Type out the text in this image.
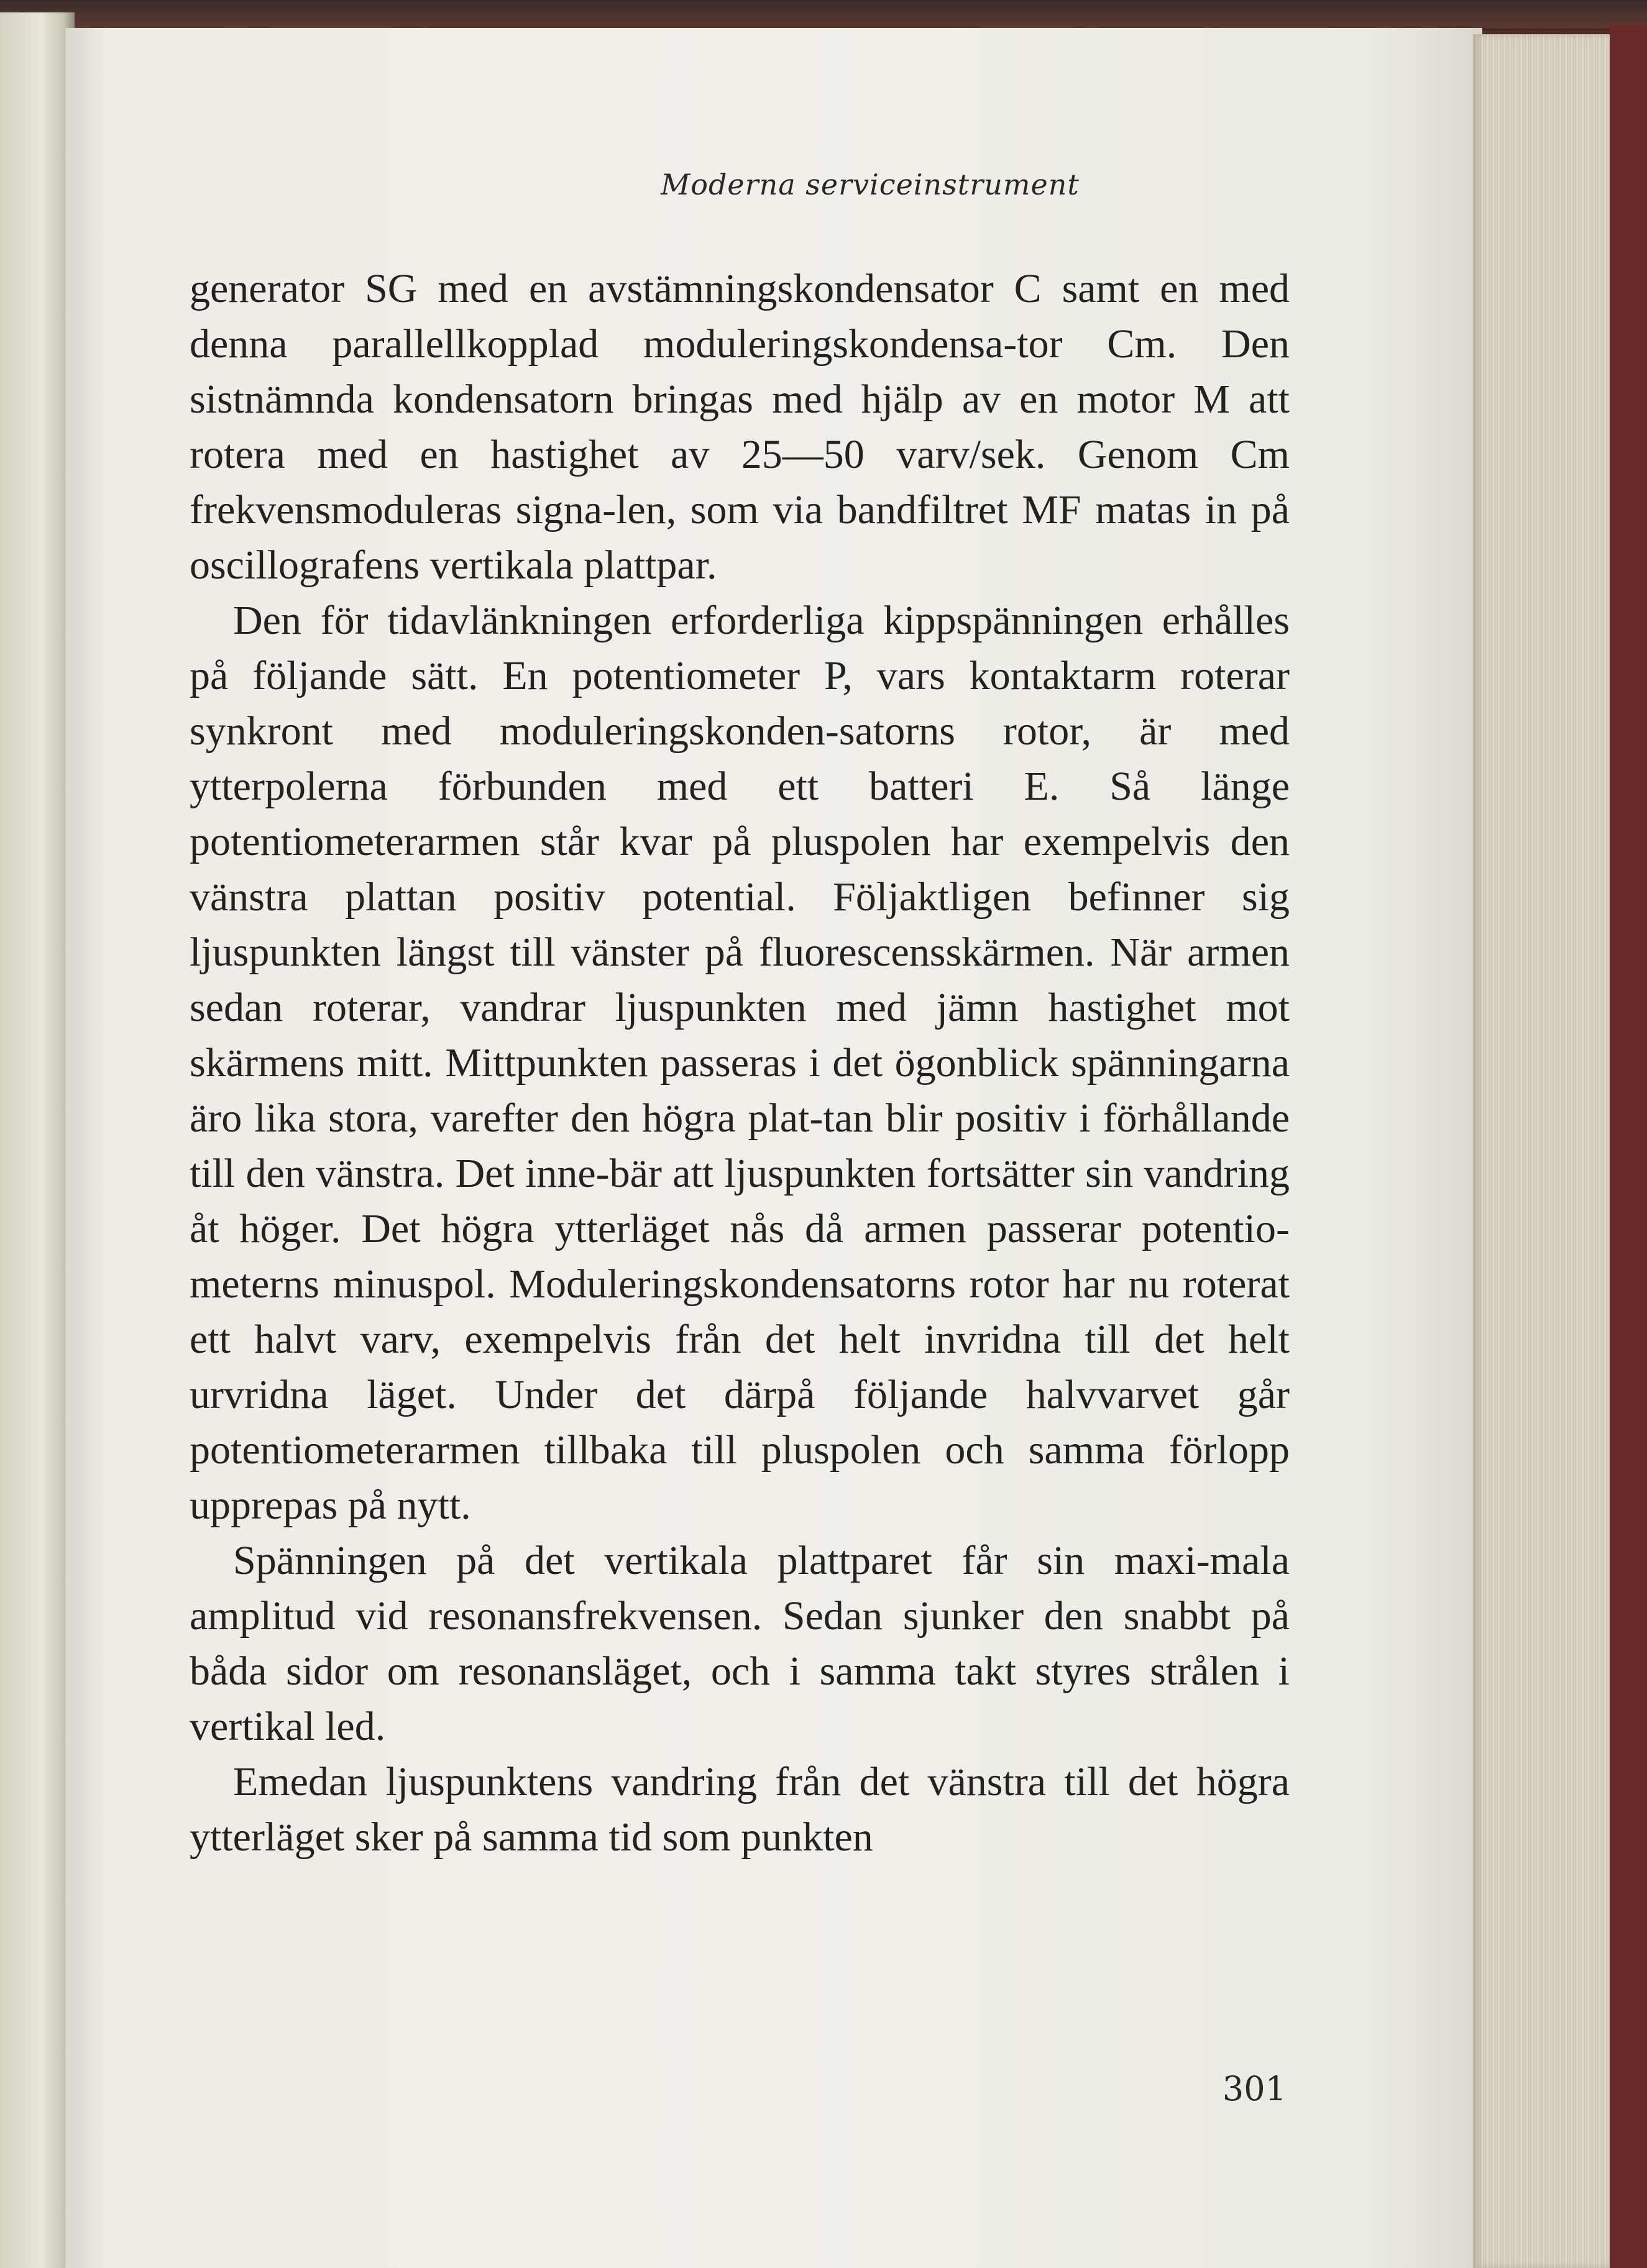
Moderna serviceinstrument

generator SG med en avstämningskondensator C samt en med denna parallellkopplad moduleringskondensa-tor Cm. Den sistnämnda kondensatorn bringas med hjälp av en motor M att rotera med en hastighet av 25—50 varv/sek. Genom Cm frekvensmoduleras signa-len, som via bandfiltret MF matas in på oscillografens vertikala plattpar.

Den för tidavlänkningen erforderliga kippspänningen erhålles på följande sätt. En potentiometer P, vars kontaktarm roterar synkront med moduleringskonden-satorns rotor, är med ytterpolerna förbunden med ett batteri E. Så länge potentiometerarmen står kvar på pluspolen har exempelvis den vänstra plattan positiv potential. Följaktligen befinner sig ljuspunkten längst till vänster på fluorescensskärmen. När armen sedan roterar, vandrar ljuspunkten med jämn hastighet mot skärmens mitt. Mittpunkten passeras i det ögonblick spänningarna äro lika stora, varefter den högra plat-tan blir positiv i förhållande till den vänstra. Det inne-bär att ljuspunkten fortsätter sin vandring åt höger. Det högra ytterläget nås då armen passerar potentio-meterns minuspol. Moduleringskondensatorns rotor har nu roterat ett halvt varv, exempelvis från det helt invridna till det helt urvridna läget. Under det därpå följande halvvarvet går potentiometerarmen tillbaka till pluspolen och samma förlopp upprepas på nytt.

Spänningen på det vertikala plattparet får sin maxi-mala amplitud vid resonansfrekvensen. Sedan sjunker den snabbt på båda sidor om resonansläget, och i samma takt styres strålen i vertikal led.

Emedan ljuspunktens vandring från det vänstra till det högra ytterläget sker på samma tid som punkten

301
